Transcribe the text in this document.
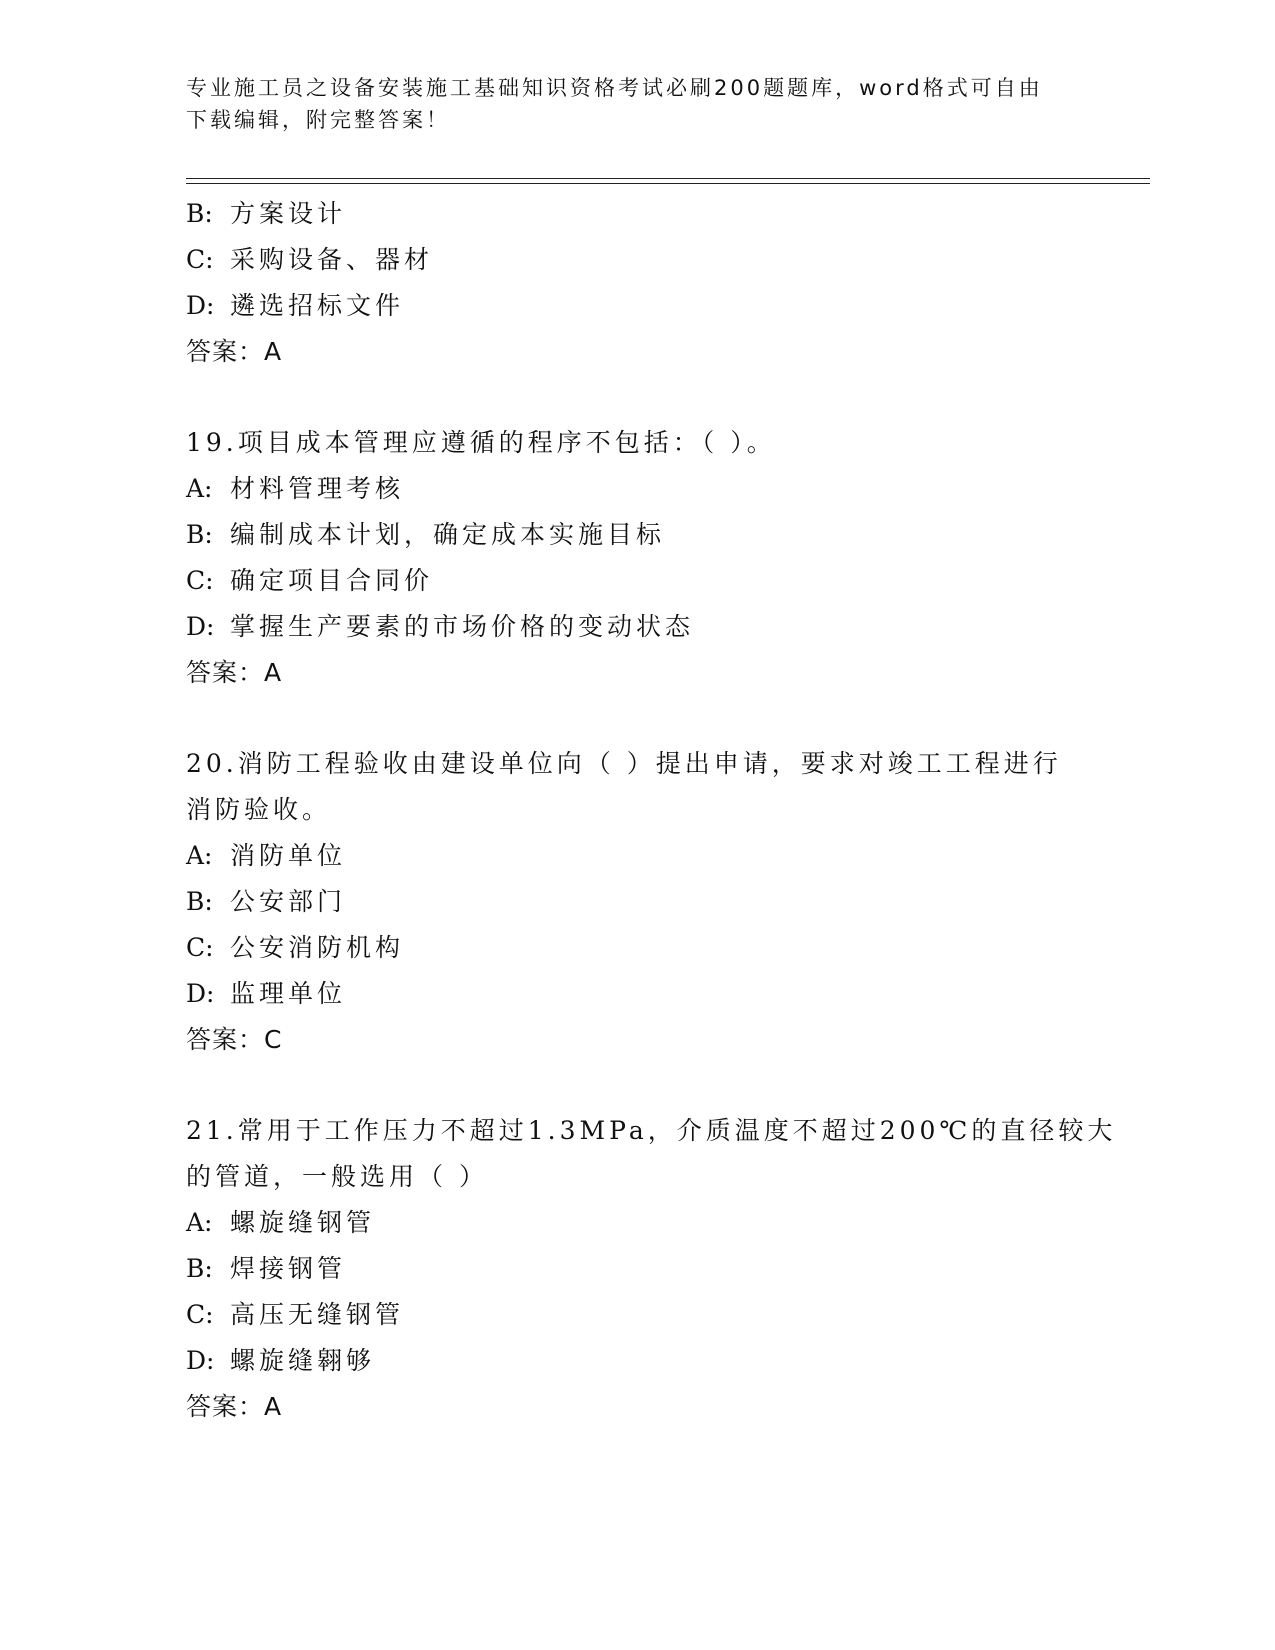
专业施工员之设备安装施工基础知识资格考试必刷200题题库，word格式可自由
下载编辑，附完整答案！
B: 方案设计
C: 采购设备、器材
D: 遴选招标文件
答案：A
19.项目成本管理应遵循的程序不包括：（ ）。
A: 材料管理考核
B: 编制成本计划，确定成本实施目标
C: 确定项目合同价
D: 掌握生产要素的市场价格的变动状态
答案：A
20.消防工程验收由建设单位向（ ）提出申请，要求对竣工工程进行
消防验收。
A: 消防单位
B: 公安部门
C: 公安消防机构
D: 监理单位
答案：C
21.常用于工作压力不超过1.3MPa，介质温度不超过200℃的直径较大
的管道，一般选用（ ）
A: 螺旋缝钢管
B: 焊接钢管
C: 高压无缝钢管
D: 螺旋缝翱够
答案：A
